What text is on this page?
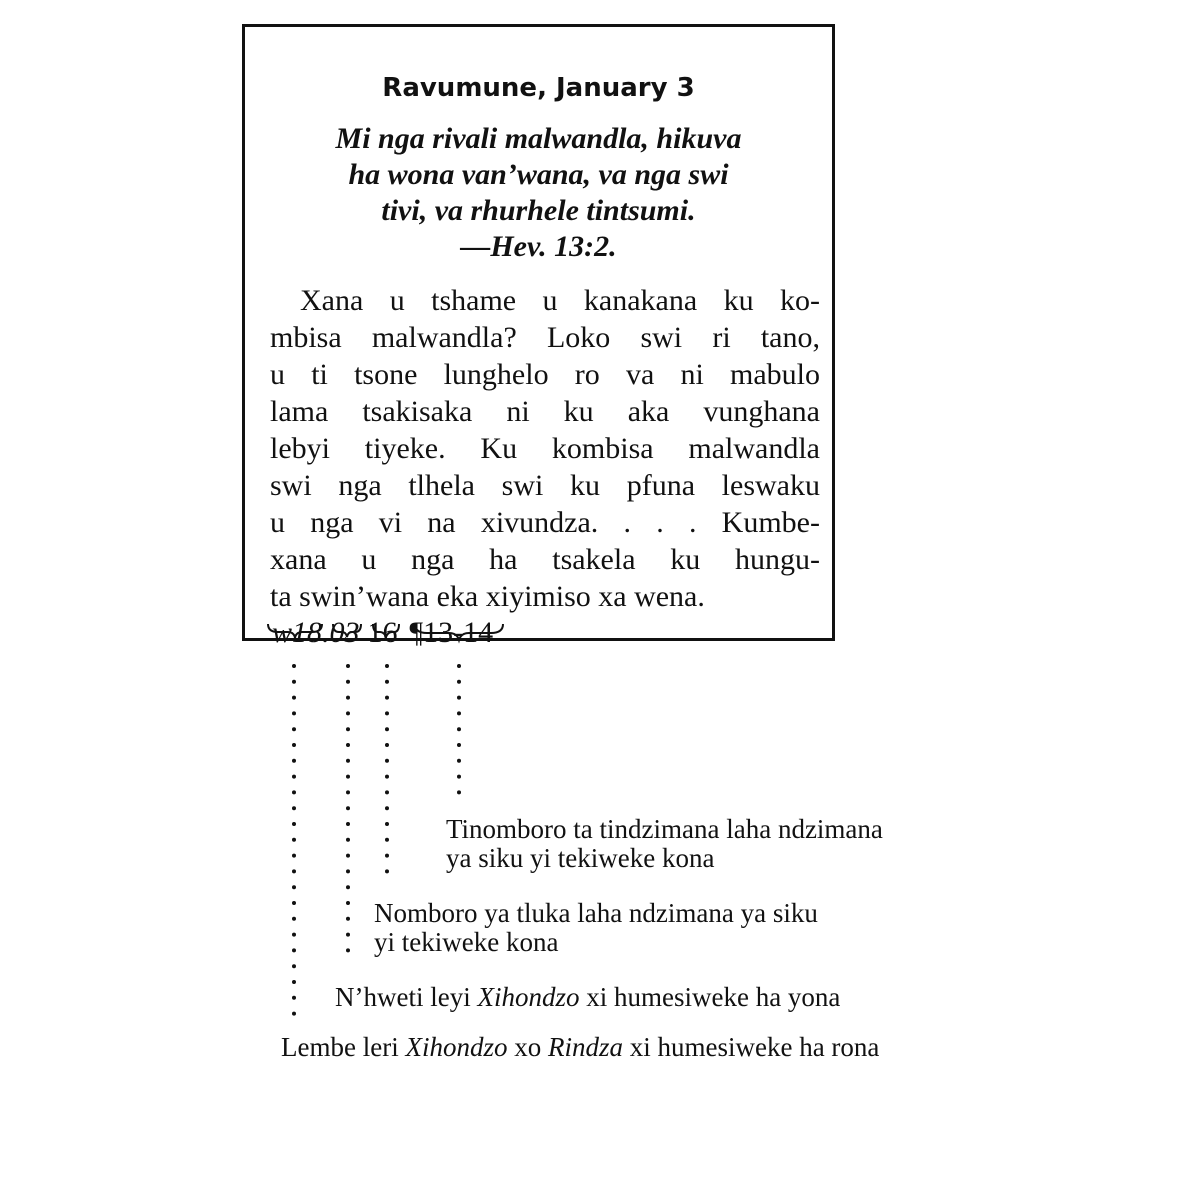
Ravumune, January 3
Mi nga rivali malwandla, hikuva
ha wona van’wana, va nga swi
tivi, va rhurhele tintsumi.
—Hev. 13:2.
Xana u tshame u kanakana ku ko-
mbisa malwandla? Loko swi ri tano,
u ti tsone lunghelo ro va ni mabulo
lama tsakisaka ni ku aka vunghana
lebyi tiyeke. Ku kombisa malwandla
swi nga tlhela swi ku pfuna leswaku
u nga vi na xivundza. . . . Kumbe-
xana u nga ha tsakela ku hungu-
ta swin’wana eka xiyimiso xa wena.
w18.03 16 ¶13-14
Tinomboro ta tindzimana laha ndzimana
ya siku yi tekiweke kona
Nomboro ya tluka laha ndzimana ya siku
yi tekiweke kona
N’hweti leyi Xihondzo xi humesiweke ha yona
Lembe leri Xihondzo xo Rindza xi humesiweke ha rona
